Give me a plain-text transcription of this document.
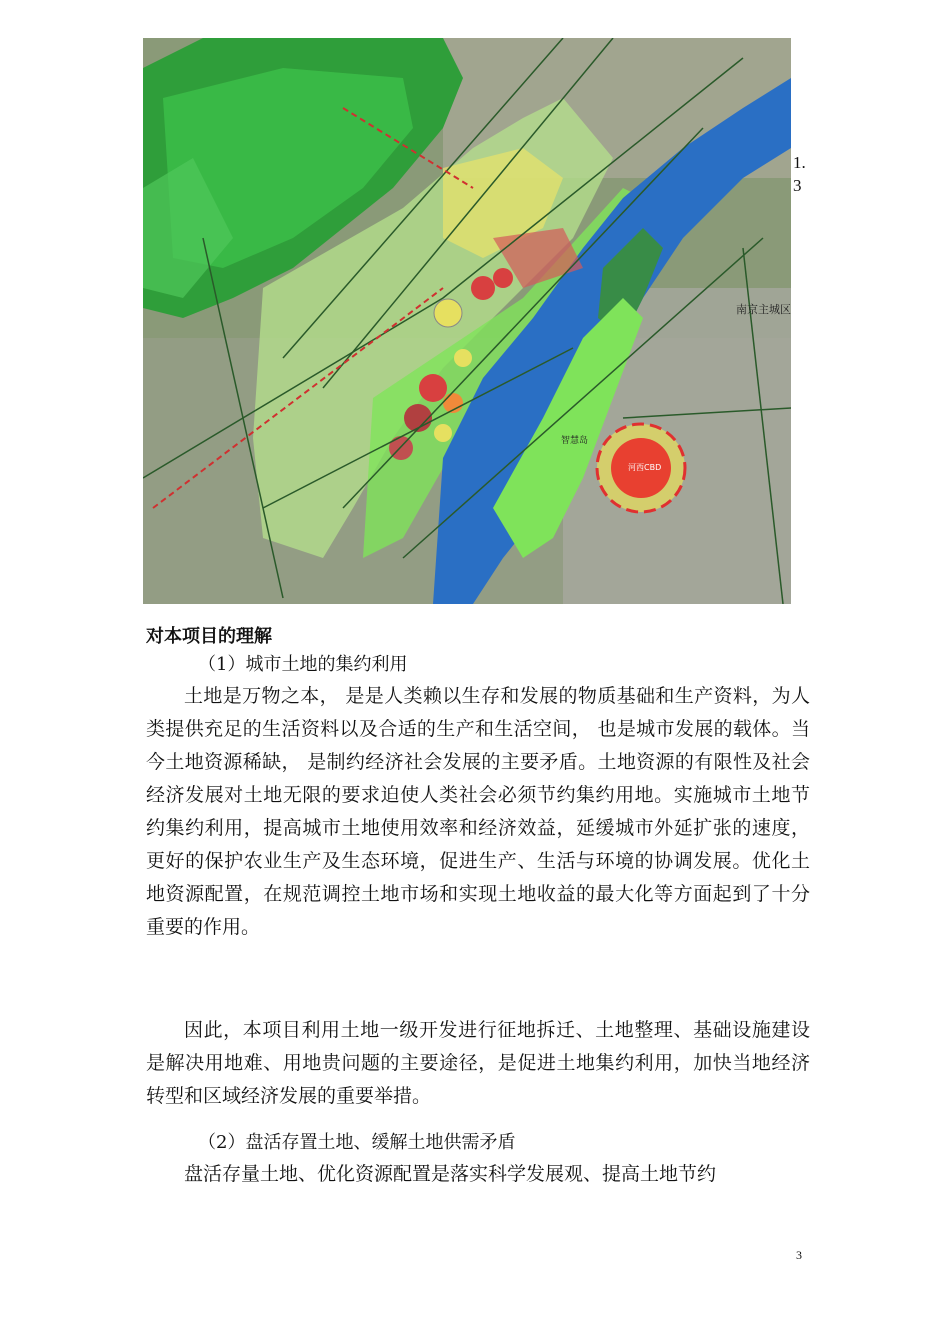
南京主城区
智慧岛
河西CBD
1.
3
对本项目的理解
（1）城市土地的集约利用

土地是万物之本， 是是人类赖以生存和发展的物质基础和生产资料，为人类提供充足的生活资料以及合适的生产和生活空间， 也是城市发展的载体。当今土地资源稀缺， 是制约经济社会发展的主要矛盾。土地资源的有限性及社会经济发展对土地无限的要求迫使人类社会必须节约集约用地。实施城市土地节约集约利用，提高城市土地使用效率和经济效益，延缓城市外延扩张的速度，更好的保护农业生产及生态环境，促进生产、生活与环境的协调发展。优化土地资源配置，在规范调控土地市场和实现土地收益的最大化等方面起到了十分重要的作用。

因此，本项目利用土地一级开发进行征地拆迁、土地整理、基础设施建设是解决用地难、用地贵问题的主要途径，是促进土地集约利用，加快当地经济转型和区域经济发展的重要举措。

（2）盘活存置土地、缓解土地供需矛盾

盘活存量土地、优化资源配置是落实科学发展观、提高土地节约

3
